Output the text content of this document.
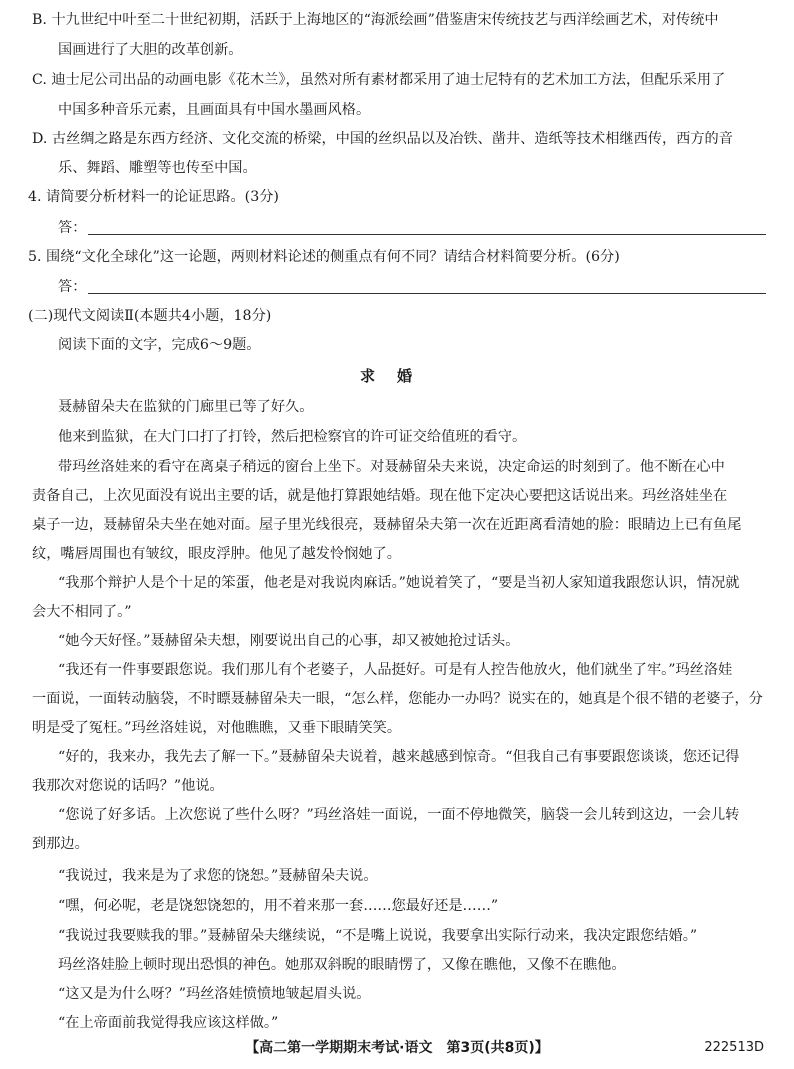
B. 十九世纪中叶至二十世纪初期，活跃于上海地区的“海派绘画”借鉴唐宋传统技艺与西洋绘画艺术，对传统中
国画进行了大胆的改革创新。
C. 迪士尼公司出品的动画电影《花木兰》，虽然对所有素材都采用了迪士尼特有的艺术加工方法，但配乐采用了
中国多种音乐元素，且画面具有中国水墨画风格。
D. 古丝绸之路是东西方经济、文化交流的桥梁，中国的丝织品以及冶铁、凿井、造纸等技术相继西传，西方的音
乐、舞蹈、雕塑等也传至中国。
4. 请简要分析材料一的论证思路。(3分)
答：
5. 围绕“文化全球化”这一论题，两则材料论述的侧重点有何不同？请结合材料简要分析。(6分)
答：
(二)现代文阅读Ⅱ(本题共4小题，18分)
阅读下面的文字，完成6～9题。
求婚
聂赫留朵夫在监狱的门廊里已等了好久。
他来到监狱，在大门口打了打铃，然后把检察官的许可证交给值班的看守。
带玛丝洛娃来的看守在离桌子稍远的窗台上坐下。对聂赫留朵夫来说，决定命运的时刻到了。他不断在心中
责备自己，上次见面没有说出主要的话，就是他打算跟她结婚。现在他下定决心要把这话说出来。玛丝洛娃坐在
桌子一边，聂赫留朵夫坐在她对面。屋子里光线很亮，聂赫留朵夫第一次在近距离看清她的脸：眼睛边上已有鱼尾
纹，嘴唇周围也有皱纹，眼皮浮肿。他见了越发怜悯她了。
“我那个辩护人是个十足的笨蛋，他老是对我说肉麻话。”她说着笑了，“要是当初人家知道我跟您认识，情况就
会大不相同了。”
“她今天好怪。”聂赫留朵夫想，刚要说出自己的心事，却又被她抢过话头。
“我还有一件事要跟您说。我们那儿有个老婆子，人品挺好。可是有人控告他放火，他们就坐了牢。”玛丝洛娃
一面说，一面转动脑袋，不时瞟聂赫留朵夫一眼，“怎么样，您能办一办吗？说实在的，她真是个很不错的老婆子，分
明是受了冤枉。”玛丝洛娃说，对他瞧瞧，又垂下眼睛笑笑。
“好的，我来办，我先去了解一下。”聂赫留朵夫说着，越来越感到惊奇。“但我自己有事要跟您谈谈，您还记得
我那次对您说的话吗？”他说。
“您说了好多话。上次您说了些什么呀？”玛丝洛娃一面说，一面不停地微笑，脑袋一会儿转到这边，一会儿转
到那边。
“我说过，我来是为了求您的饶恕。”聂赫留朵夫说。
“嘿，何必呢，老是饶恕饶恕的，用不着来那一套……您最好还是……”
“我说过我要赎我的罪。”聂赫留朵夫继续说，“不是嘴上说说，我要拿出实际行动来，我决定跟您结婚。”
玛丝洛娃脸上顿时现出恐惧的神色。她那双斜睨的眼睛愣了，又像在瞧他，又像不在瞧他。
“这又是为什么呀？”玛丝洛娃愤愤地皱起眉头说。
“在上帝面前我觉得我应该这样做。”
【高二第一学期期末考试·语文　第3页(共8页)】	222513D
